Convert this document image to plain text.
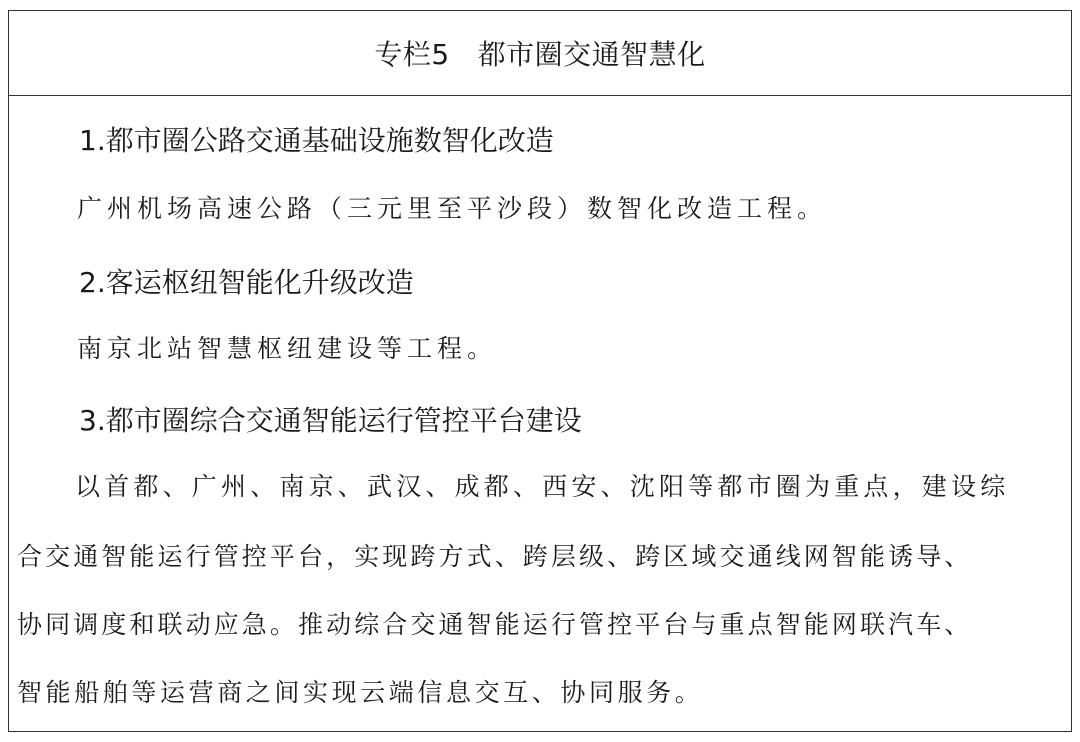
专栏5 都市圈交通智慧化
1.都市圈公路交通基础设施数智化改造
广州机场高速公路（三元里至平沙段）数智化改造工程。
2.客运枢纽智能化升级改造
南京北站智慧枢纽建设等工程。
3.都市圈综合交通智能运行管控平台建设
以首都、广州、南京、武汉、成都、西安、沈阳等都市圈为重点，建设综
合交通智能运行管控平台，实现跨方式、跨层级、跨区域交通线网智能诱导、
协同调度和联动应急。推动综合交通智能运行管控平台与重点智能网联汽车、
智能船舶等运营商之间实现云端信息交互、协同服务。
